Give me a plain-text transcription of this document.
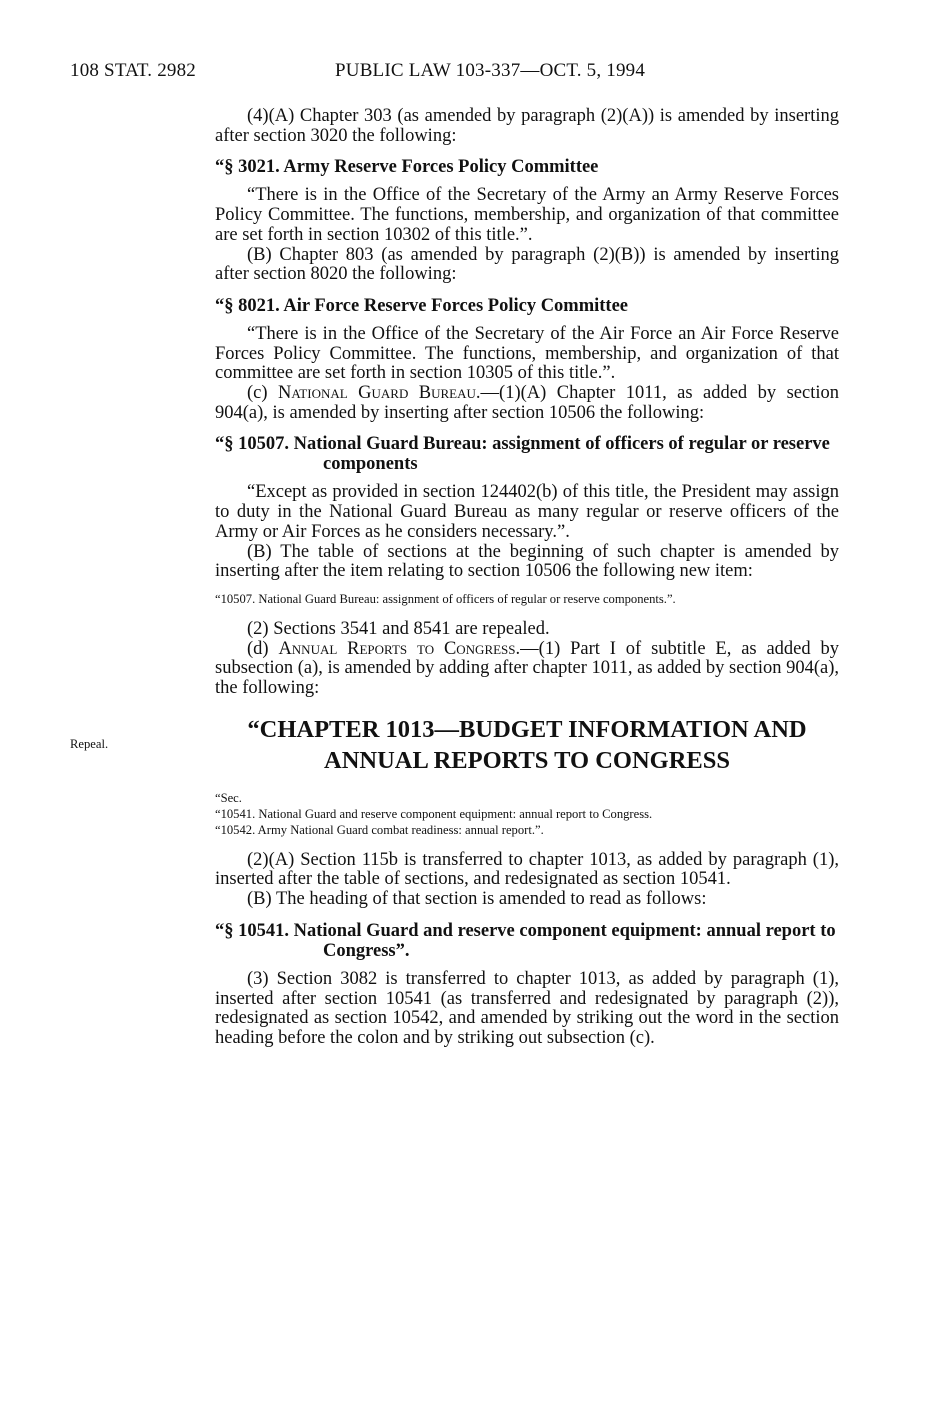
108 STAT. 2982	PUBLIC LAW 103-337—OCT. 5, 1994
Repeal.

(4)(A) Chapter 303 (as amended by paragraph (2)(A)) is amended by inserting after section 3020 the following:

“§ 3021. Army Reserve Forces Policy Committee

“There is in the Office of the Secretary of the Army an Army Reserve Forces Policy Committee. The functions, membership, and organization of that committee are set forth in section 10302 of this title.”.

(B) Chapter 803 (as amended by paragraph (2)(B)) is amended by inserting after section 8020 the following:

“§ 8021. Air Force Reserve Forces Policy Committee

“There is in the Office of the Secretary of the Air Force an Air Force Reserve Forces Policy Committee. The functions, membership, and organization of that committee are set forth in section 10305 of this title.”.

(c) National Guard Bureau.—(1)(A) Chapter 1011, as added by section 904(a), is amended by inserting after section 10506 the following:

“§ 10507. National Guard Bureau: assignment of officers of regular or reserve components

“Except as provided in section 124402(b) of this title, the President may assign to duty in the National Guard Bureau as many regular or reserve officers of the Army or Air Forces as he considers necessary.”.

(B) The table of sections at the beginning of such chapter is amended by inserting after the item relating to section 10506 the following new item:

“10507. National Guard Bureau: assignment of officers of regular or reserve components.”.

(2) Sections 3541 and 8541 are repealed.

(d) Annual Reports to Congress.—(1) Part I of subtitle E, as added by subsection (a), is amended by adding after chapter 1011, as added by section 904(a), the following:

“CHAPTER 1013—BUDGET INFORMATION AND
ANNUAL REPORTS TO CONGRESS

“Sec.

“10541. National Guard and reserve component equipment: annual report to Congress.

“10542. Army National Guard combat readiness: annual report.”.

(2)(A) Section 115b is transferred to chapter 1013, as added by paragraph (1), inserted after the table of sections, and redesignated as section 10541.

(B) The heading of that section is amended to read as follows:

“§ 10541. National Guard and reserve component equipment: annual report to Congress”.

(3) Section 3082 is transferred to chapter 1013, as added by paragraph (1), inserted after section 10541 (as transferred and redesignated by paragraph (2)), redesignated as section 10542, and amended by striking out the word in the section heading before the colon and by striking out subsection (c).
